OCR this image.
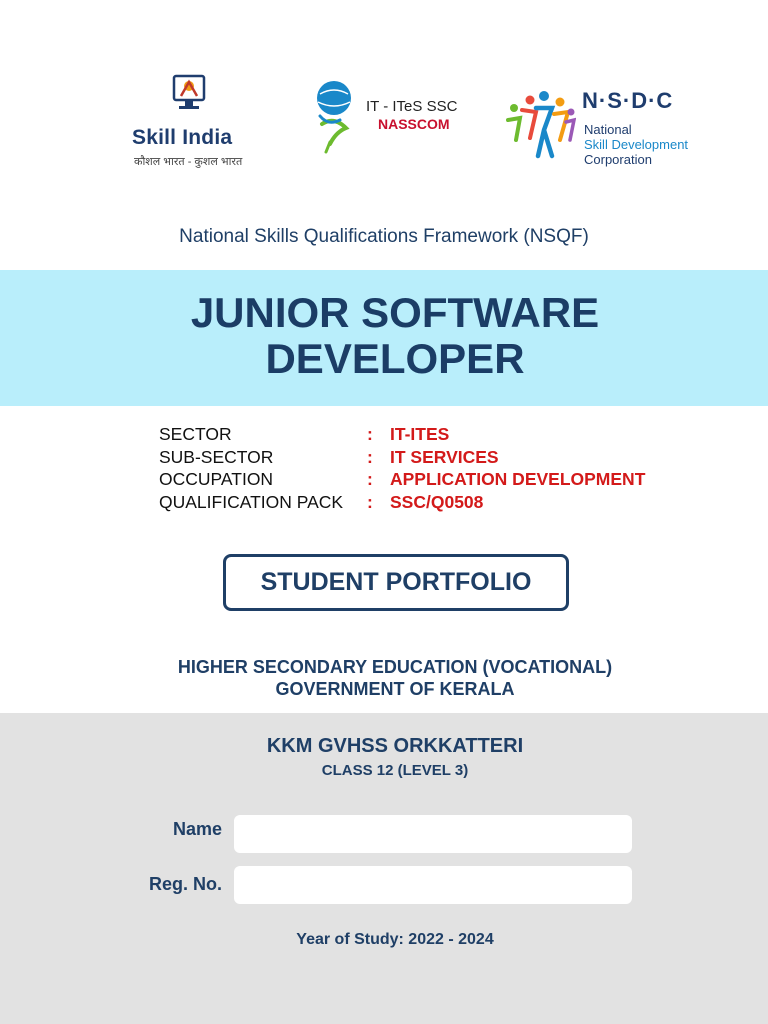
Skill India
कौशल भारत - कुशल भारत
IT - ITeS SSC
NASSCOM
N·S·D·C
National
Skill Development
Corporation
National Skills Qualifications Framework (NSQF)
JUNIOR SOFTWARE
DEVELOPER
SECTOR	: IT-ITES
SUB-SECTOR	: IT SERVICES
OCCUPATION	: APPLICATION DEVELOPMENT
QUALIFICATION PACK : SSC/Q0508
STUDENT PORTFOLIO
HIGHER SECONDARY EDUCATION (VOCATIONAL)
GOVERNMENT OF KERALA
KKM GVHSS ORKKATTERI
CLASS 12 (LEVEL 3)
Name
Reg. No.
Year of Study: 2022 - 2024
